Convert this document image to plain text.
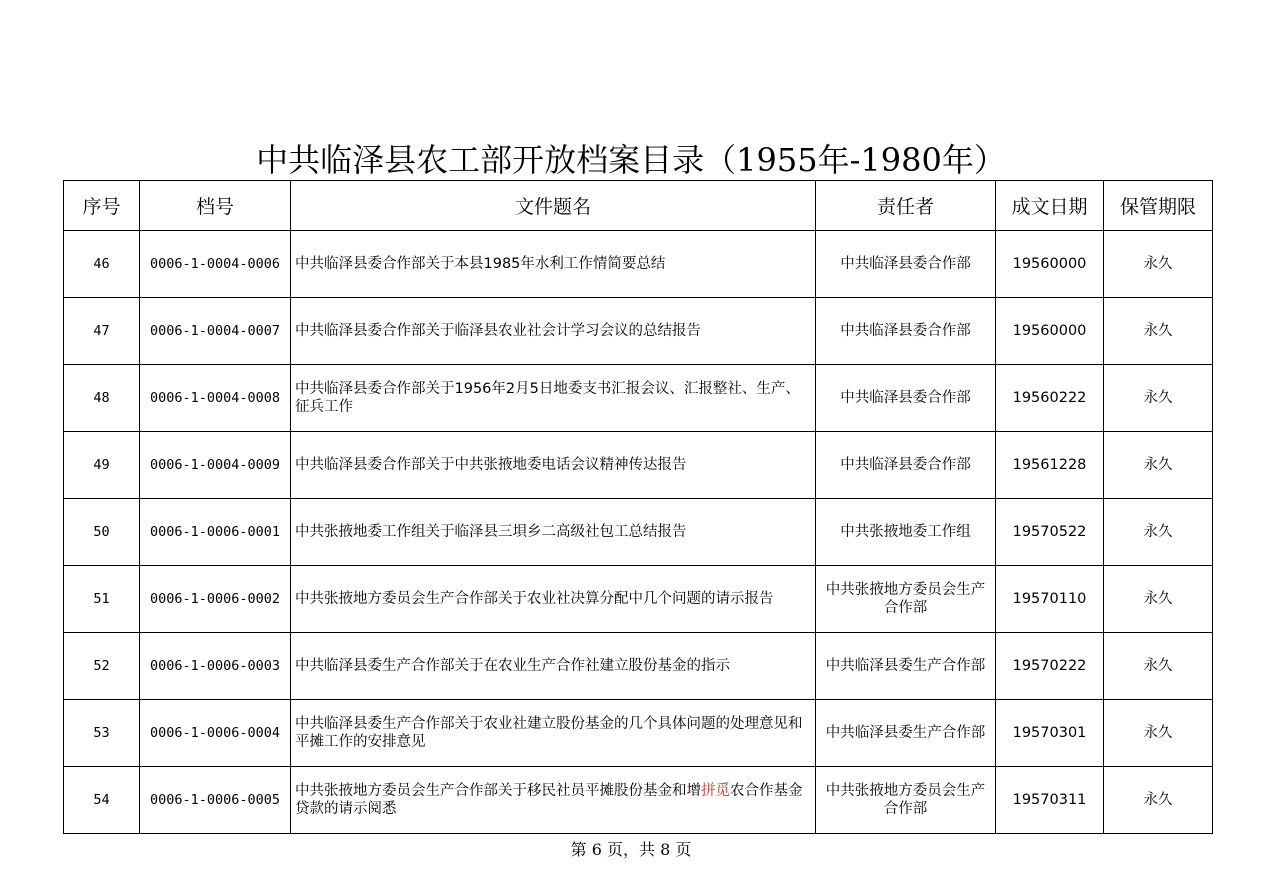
中共临泽县农工部开放档案目录（1955年-1980年）
序号	档号	文件题名	责任者	成文日期	保管期限
46	0006-1-0004-0006	中共临泽县委合作部关于本县1985年水利工作情简要总结	中共临泽县委合作部	19560000	永久
47	0006-1-0004-0007	中共临泽县委合作部关于临泽县农业社会计学习会议的总结报告	中共临泽县委合作部	19560000	永久
48	0006-1-0004-0008	中共临泽县委合作部关于1956年2月5日地委支书汇报会议、汇报整社、生产、征兵工作	中共临泽县委合作部	19560222	永久
49	0006-1-0004-0009	中共临泽县委合作部关于中共张掖地委电话会议精神传达报告	中共临泽县委合作部	19561228	永久
50	0006-1-0006-0001	中共张掖地委工作组关于临泽县三垻乡二高级社包工总结报告	中共张掖地委工作组	19570522	永久
51	0006-1-0006-0002	中共张掖地方委员会生产合作部关于农业社决算分配中几个问题的请示报告	中共张掖地方委员会生产合作部	19570110	永久
52	0006-1-0006-0003	中共临泽县委生产合作部关于在农业生产合作社建立股份基金的指示	中共临泽县委生产合作部	19570222	永久
53	0006-1-0006-0004	中共临泽县委生产合作部关于农业社建立股份基金的几个具体问题的处理意见和平摊工作的安排意见	中共临泽县委生产合作部	19570301	永久
54	0006-1-0006-0005	中共张掖地方委员会生产合作部关于移民社员平摊股份基金和增拼觅农合作基金贷款的请示阅悉	中共张掖地方委员会生产合作部	19570311	永久
第 6 页，共 8 页
